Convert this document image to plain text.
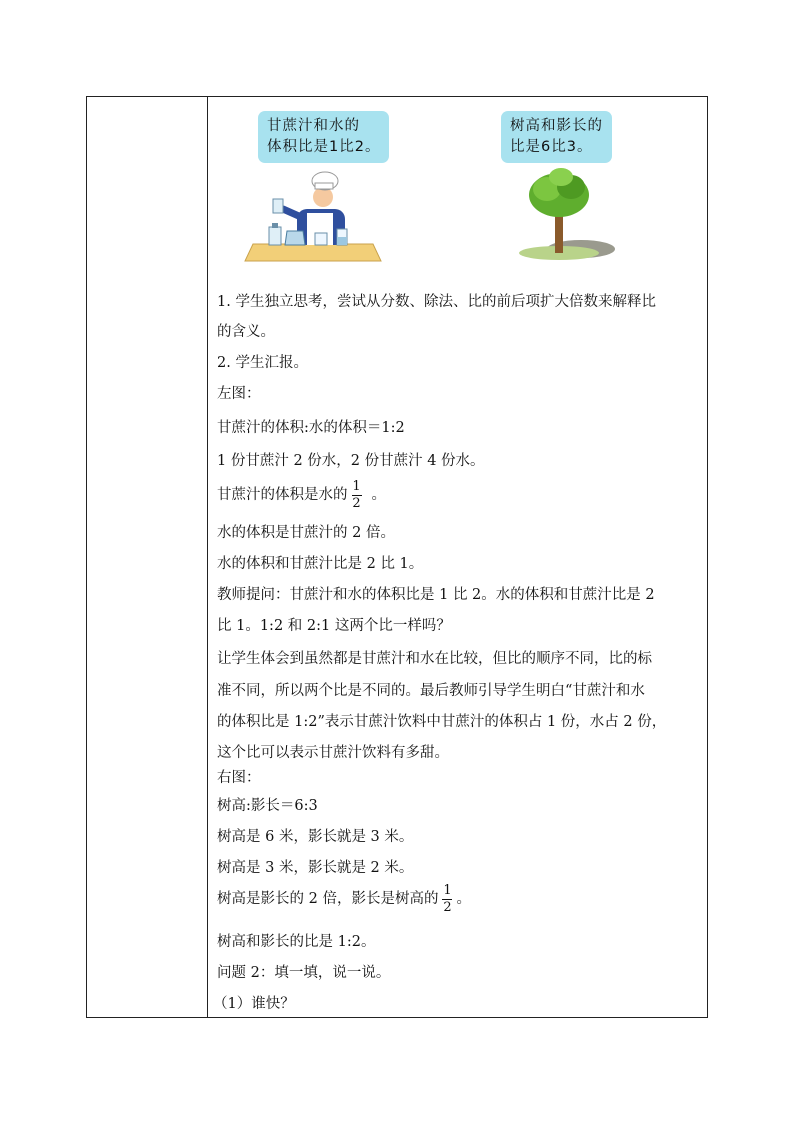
甘蔗汁和水的
体积比是1比2。
树高和影长的
比是6比3。
1. 学生独立思考，尝试从分数、除法、比的前后项扩大倍数来解释比
的含义。
2. 学生汇报。
左图：
甘蔗汁的体积:水的体积＝1:2
1 份甘蔗汁 2 份水，2 份甘蔗汁 4 份水。
甘蔗汁的体积是水的 $\frac{1}{2}$ 。
水的体积是甘蔗汁的 2 倍。
水的体积和甘蔗汁比是 2 比 1。
教师提问：甘蔗汁和水的体积比是 1 比 2。水的体积和甘蔗汁比是 2
比 1。1:2 和 2:1 这两个比一样吗？
让学生体会到虽然都是甘蔗汁和水在比较，但比的顺序不同，比的标
准不同，所以两个比是不同的。最后教师引导学生明白“甘蔗汁和水
的体积比是 1:2”表示甘蔗汁饮料中甘蔗汁的体积占 1 份，水占 2 份，
这个比可以表示甘蔗汁饮料有多甜。
右图：
树高:影长＝6:3
树高是 6 米，影长就是 3 米。
树高是 3 米，影长就是 2 米。
树高是影长的 2 倍，影长是树高的 $\frac{1}{2}$ 。
树高和影长的比是 1:2。
问题 2：填一填，说一说。
（1）谁快？
